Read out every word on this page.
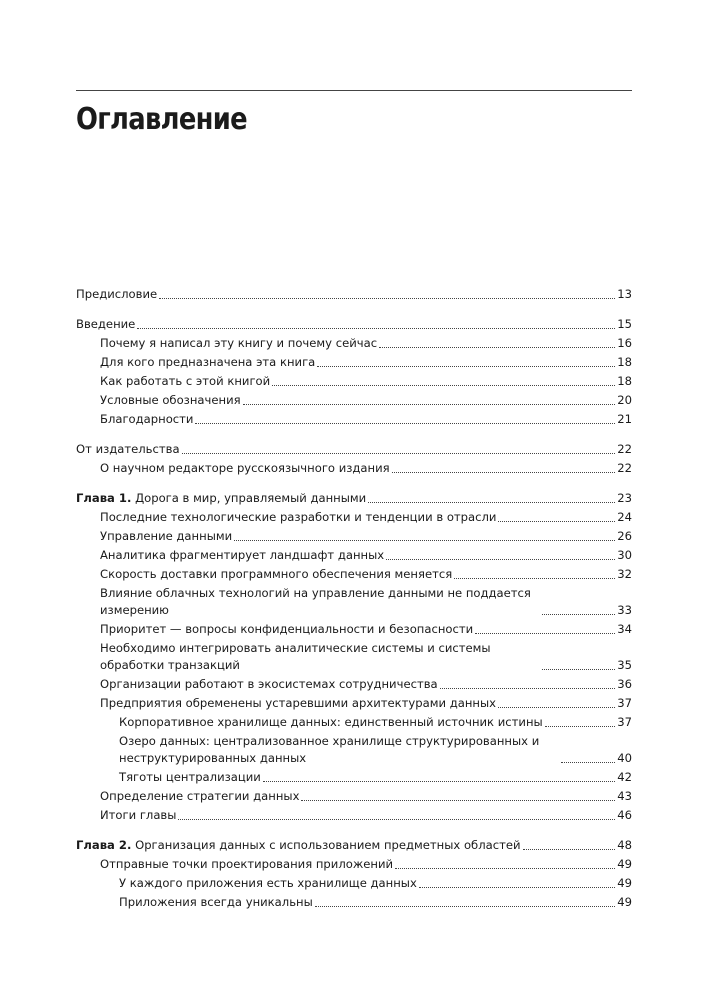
Оглавление
Предисловие	13
Введение	15
Почему я написал эту книгу и почему сейчас	16
Для кого предназначена эта книга	18
Как работать с этой книгой	18
Условные обозначения	20
Благодарности	21
От издательства	22
О научном редакторе русскоязычного издания	22
Глава 1. Дорога в мир, управляемый данными	23
Последние технологические разработки и тенденции в отрасли	24
Управление данными	26
Аналитика фрагментирует ландшафт данных	30
Скорость доставки программного обеспечения меняется	32
Влияние облачных технологий на управление данными не поддается измерению	33
Приоритет — вопросы конфиденциальности и безопасности	34
Необходимо интегрировать аналитические системы и системы обработки транзакций	35
Организации работают в экосистемах сотрудничества	36
Предприятия обременены устаревшими архитектурами данных	37
Корпоративное хранилище данных: единственный источник истины	37
Озеро данных: централизованное хранилище структурированных и неструктурированных данных	40
Тяготы централизации	42
Определение стратегии данных	43
Итоги главы	46
Глава 2. Организация данных с использованием предметных областей	48
Отправные точки проектирования приложений	49
У каждого приложения есть хранилище данных	49
Приложения всегда уникальны	49
